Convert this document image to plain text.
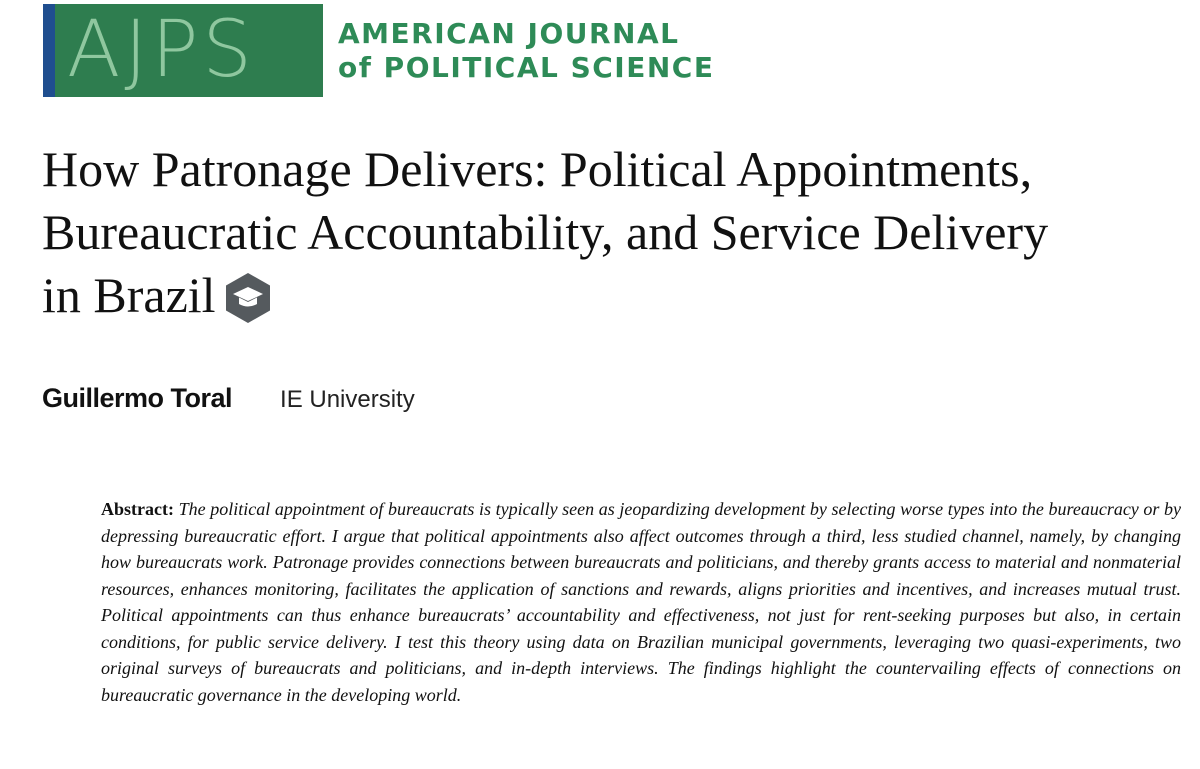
AJPS	AMERICAN JOURNAL
of POLITICAL SCIENCE
How Patronage Delivers: Political Appointments,
Bureaucratic Accountability, and Service Delivery
in Brazil
Guillermo Toral IE University

Abstract: The political appointment of bureaucrats is typically seen as jeopardizing development by selecting worse types into the bureaucracy or by depressing bureaucratic effort. I argue that political appointments also affect outcomes through a third, less studied channel, namely, by changing how bureaucrats work. Patronage provides connections between bureaucrats and politicians, and thereby grants access to material and nonmaterial resources, enhances monitoring, facilitates the application of sanctions and rewards, aligns priorities and incentives, and increases mutual trust. Political appointments can thus enhance bureaucrats’ accountability and effectiveness, not just for rent-seeking purposes but also, in certain conditions, for public service delivery. I test this theory using data on Brazilian municipal governments, leveraging two quasi-experiments, two original surveys of bureaucrats and politicians, and in-depth interviews. The findings highlight the countervailing effects of connections on bureaucratic governance in the developing world.
